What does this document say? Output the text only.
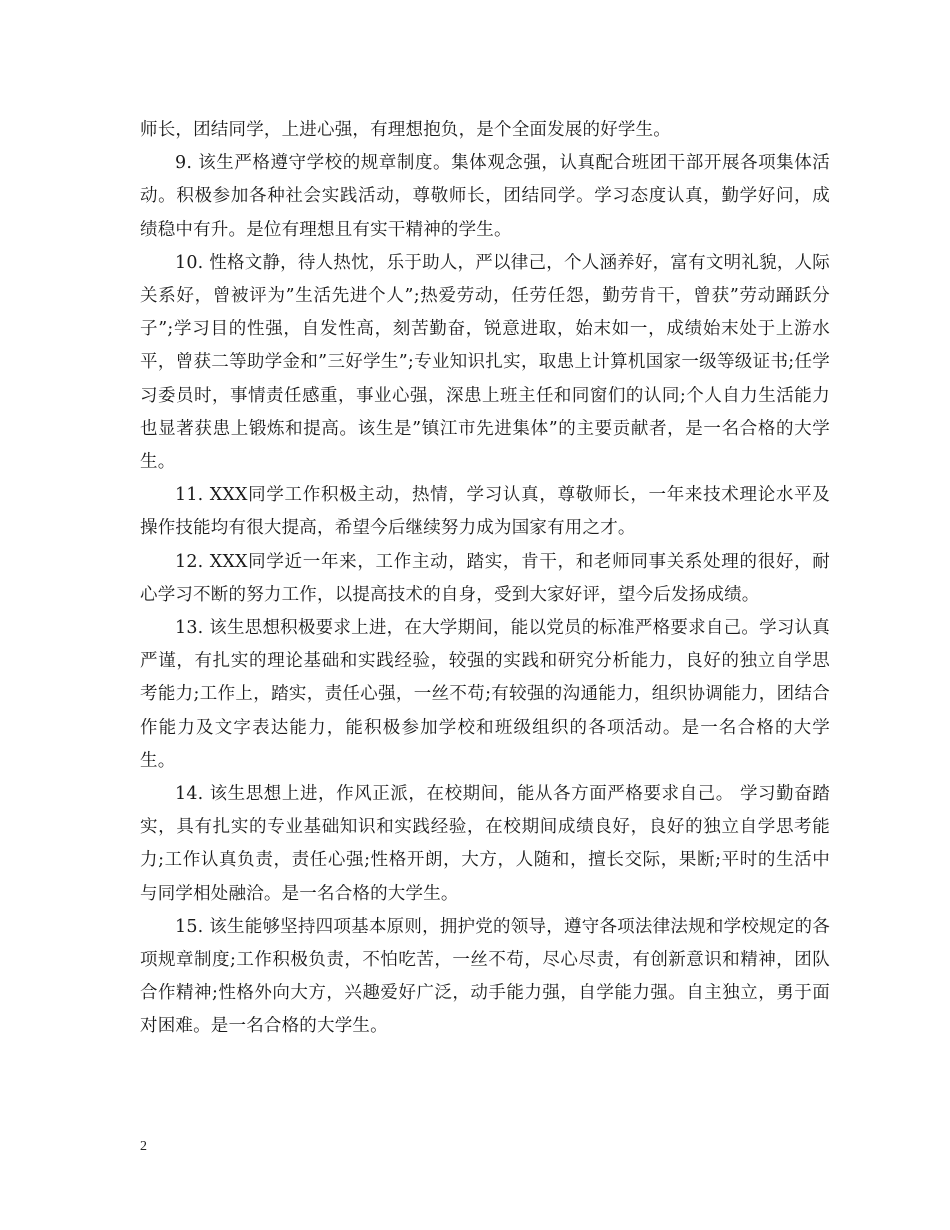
师长，团结同学，上进心强，有理想抱负，是个全面发展的好学生。

9. 该生严格遵守学校的规章制度。集体观念强，认真配合班团干部开展各项集体活动。积极参加各种社会实践活动，尊敬师长，团结同学。学习态度认真，勤学好问，成绩稳中有升。是位有理想且有实干精神的学生。

10. 性格文静，待人热忱，乐于助人，严以律己，个人涵养好，富有文明礼貌，人际关系好，曾被评为”生活先进个人”;热爱劳动，任劳任怨，勤劳肯干，曾获”劳动踊跃分子”;学习目的性强，自发性高，刻苦勤奋，锐意进取，始末如一，成绩始末处于上游水平，曾获二等助学金和”三好学生”;专业知识扎实，取患上计算机国家一级等级证书;任学习委员时，事情责任感重，事业心强，深患上班主任和同窗们的认同;个人自力生活能力也显著获患上锻炼和提高。该生是”镇江市先进集体”的主要贡献者，是一名合格的大学生。

11. XXX同学工作积极主动，热情，学习认真，尊敬师长，一年来技术理论水平及操作技能均有很大提高，希望今后继续努力成为国家有用之才。

12. XXX同学近一年来，工作主动，踏实，肯干，和老师同事关系处理的很好，耐心学习不断的努力工作，以提高技术的自身，受到大家好评，望今后发扬成绩。

13. 该生思想积极要求上进，在大学期间，能以党员的标准严格要求自己。学习认真严谨，有扎实的理论基础和实践经验，较强的实践和研究分析能力，良好的独立自学思考能力;工作上，踏实，责任心强，一丝不苟;有较强的沟通能力，组织协调能力，团结合作能力及文字表达能力，能积极参加学校和班级组织的各项活动。是一名合格的大学生。

14. 该生思想上进，作风正派，在校期间，能从各方面严格要求自己。 学习勤奋踏实，具有扎实的专业基础知识和实践经验，在校期间成绩良好，良好的独立自学思考能力;工作认真负责，责任心强;性格开朗，大方，人随和，擅长交际，果断;平时的生活中与同学相处融洽。是一名合格的大学生。

15. 该生能够坚持四项基本原则，拥护党的领导，遵守各项法律法规和学校规定的各项规章制度;工作积极负责，不怕吃苦，一丝不苟，尽心尽责，有创新意识和精神，团队合作精神;性格外向大方，兴趣爱好广泛，动手能力强，自学能力强。自主独立，勇于面对困难。是一名合格的大学生。

2
